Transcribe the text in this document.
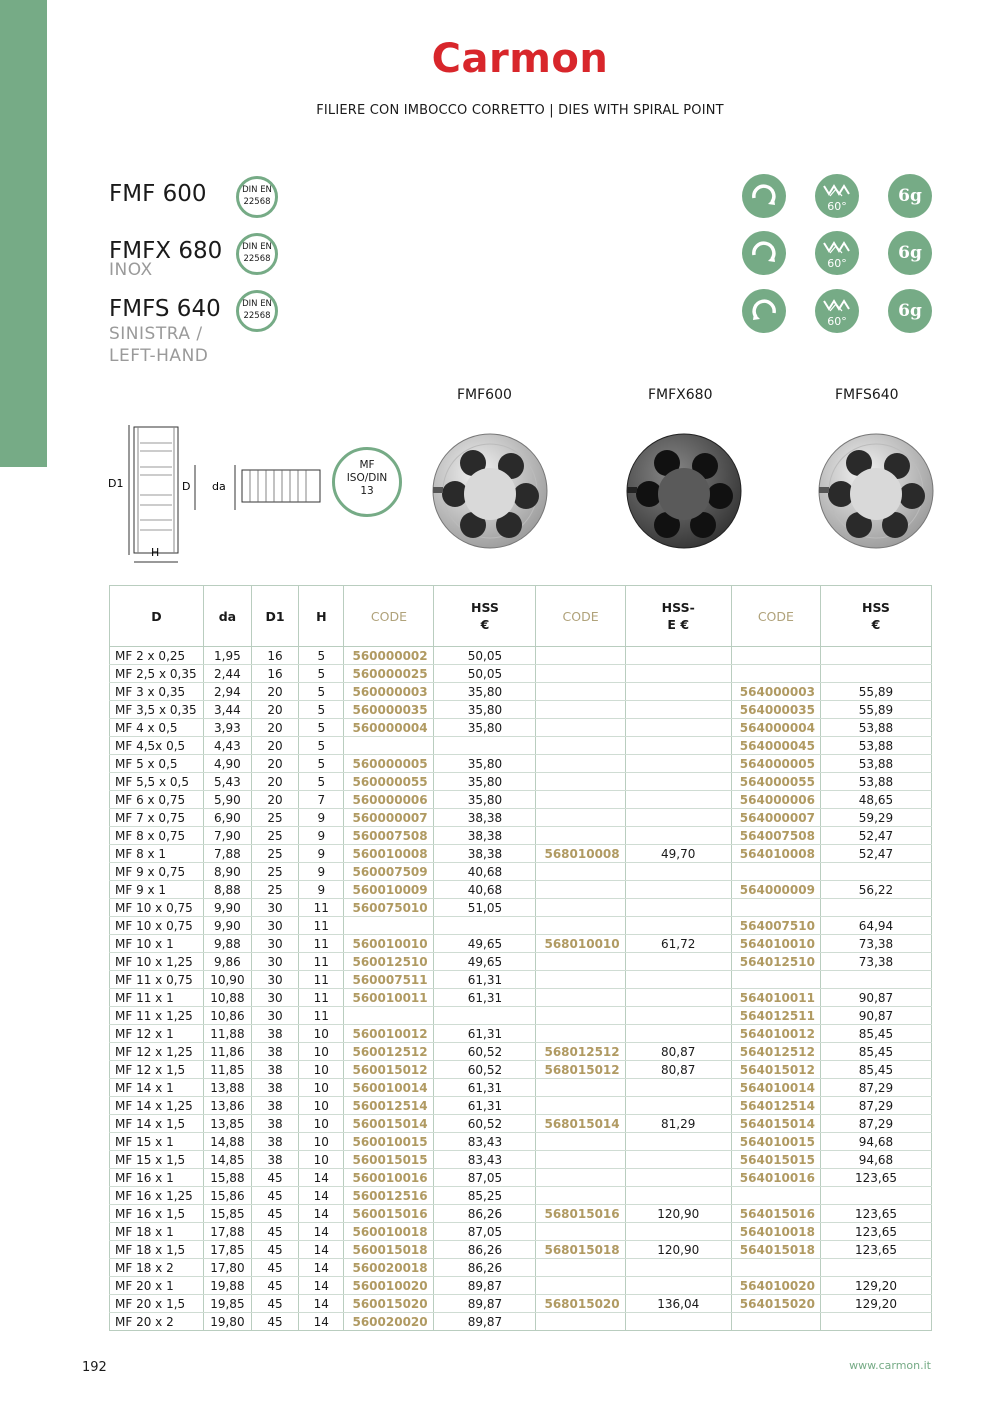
Carmon
FILIERE CON IMBOCCO CORRETTO | DIES WITH SPIRAL POINT
FMF 600	DIN EN
22568
FMFX 680
INOX
DIN EN
22568
FMFS 640
SINISTRA / LEFT-HAND
DIN EN
22568
60°
6g
60°
6g
60°
6g
D1	D
H
da
MF
ISO/DIN
13
FMF600	FMFX680	FMFS640
D	da	D1	H	CODE	HSS €	CODE	HSS-E €	CODE	HSS €
MF 2 x 0,25	1,95	16	5	560000002	50,05				
MF 2,5 x 0,35	2,44	16	5	560000025	50,05				
MF 3 x 0,35	2,94	20	5	560000003	35,80			564000003	55,89
MF 3,5 x 0,35	3,44	20	5	560000035	35,80			564000035	55,89
MF 4 x 0,5	3,93	20	5	560000004	35,80			564000004	53,88
MF 4,5x 0,5	4,43	20	5					564000045	53,88
MF 5 x 0,5	4,90	20	5	560000005	35,80			564000005	53,88
MF 5,5 x 0,5	5,43	20	5	560000055	35,80			564000055	53,88
MF 6 x 0,75	5,90	20	7	560000006	35,80			564000006	48,65
MF 7 x 0,75	6,90	25	9	560000007	38,38			564000007	59,29
MF 8 x 0,75	7,90	25	9	560007508	38,38			564007508	52,47
MF 8 x 1	7,88	25	9	560010008	38,38	568010008	49,70	564010008	52,47
MF 9 x 0,75	8,90	25	9	560007509	40,68				
MF 9 x 1	8,88	25	9	560010009	40,68			564000009	56,22
MF 10 x 0,75	9,90	30	11	560075010	51,05				
MF 10 x 0,75	9,90	30	11					564007510	64,94
MF 10 x 1	9,88	30	11	560010010	49,65	568010010	61,72	564010010	73,38
MF 10 x 1,25	9,86	30	11	560012510	49,65			564012510	73,38
MF 11 x 0,75	10,90	30	11	560007511	61,31				
MF 11 x 1	10,88	30	11	560010011	61,31			564010011	90,87
MF 11 x 1,25	10,86	30	11					564012511	90,87
MF 12 x 1	11,88	38	10	560010012	61,31			564010012	85,45
MF 12 x 1,25	11,86	38	10	560012512	60,52	568012512	80,87	564012512	85,45
MF 12 x 1,5	11,85	38	10	560015012	60,52	568015012	80,87	564015012	85,45
MF 14 x 1	13,88	38	10	560010014	61,31			564010014	87,29
MF 14 x 1,25	13,86	38	10	560012514	61,31			564012514	87,29
MF 14 x 1,5	13,85	38	10	560015014	60,52	568015014	81,29	564015014	87,29
MF 15 x 1	14,88	38	10	560010015	83,43			564010015	94,68
MF 15 x 1,5	14,85	38	10	560015015	83,43			564015015	94,68
MF 16 x 1	15,88	45	14	560010016	87,05			564010016	123,65
MF 16 x 1,25	15,86	45	14	560012516	85,25				
MF 16 x 1,5	15,85	45	14	560015016	86,26	568015016	120,90	564015016	123,65
MF 18 x 1	17,88	45	14	560010018	87,05			564010018	123,65
MF 18 x 1,5	17,85	45	14	560015018	86,26	568015018	120,90	564015018	123,65
MF 18 x 2	17,80	45	14	560020018	86,26				
MF 20 x 1	19,88	45	14	560010020	89,87			564010020	129,20
MF 20 x 1,5	19,85	45	14	560015020	89,87	568015020	136,04	564015020	129,20
MF 20 x 2	19,80	45	14	560020020	89,87				
192	www.carmon.it
